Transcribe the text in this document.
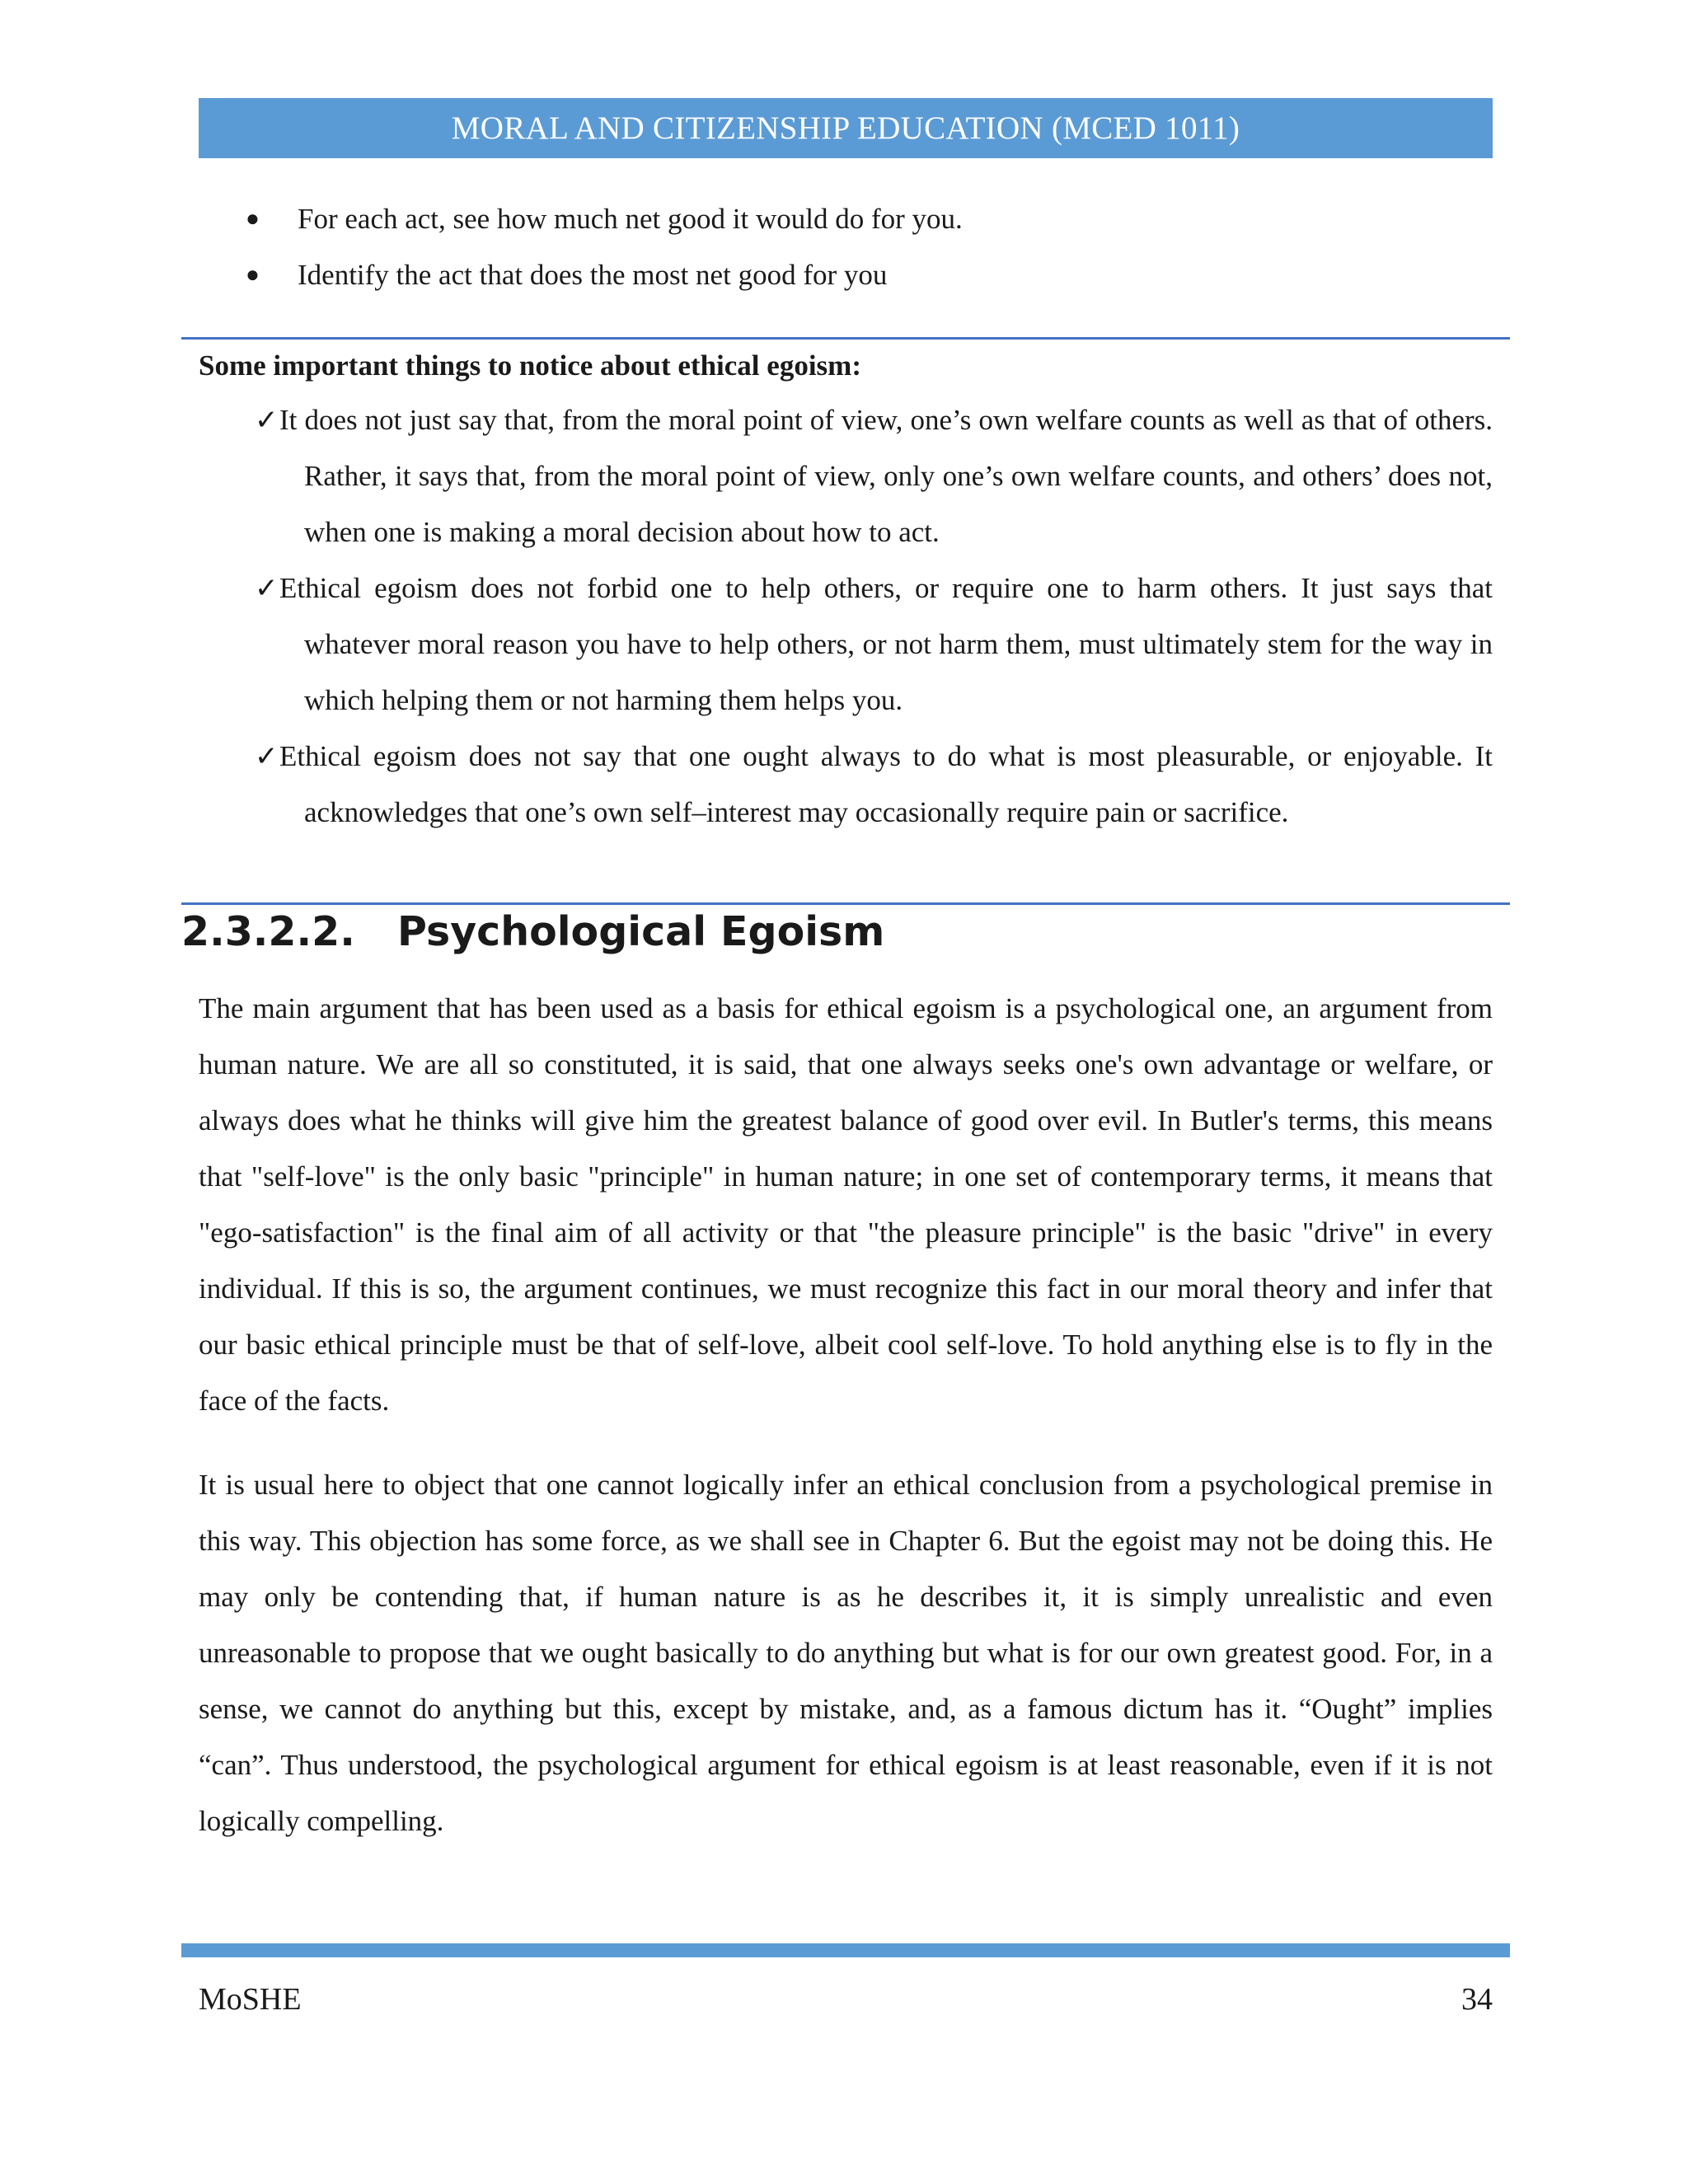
MORAL AND CITIZENSHIP EDUCATION (MCED 1011)
● For each act, see how much net good it would do for you.
● Identify the act that does the most net good for you
Some important things to notice about ethical egoism:
✓ It does not just say that, from the moral point of view, one’s own welfare counts as well as that of others. Rather, it says that, from the moral point of view, only one’s own welfare counts, and others’ does not, when one is making a moral decision about how to act.
✓ Ethical egoism does not forbid one to help others, or require one to harm others. It just says that whatever moral reason you have to help others, or not harm them, must ultimately stem for the way in which helping them or not harming them helps you.
✓ Ethical egoism does not say that one ought always to do what is most pleasurable, or enjoyable. It acknowledges that one’s own self–interest may occasionally require pain or sacrifice.
2.3.2.2. Psychological Egoism

The main argument that has been used as a basis for ethical egoism is a psychological one, an argument from human nature. We are all so constituted, it is said, that one always seeks one's own advantage or welfare, or always does what he thinks will give him the greatest balance of good over evil. In Butler's terms, this means that "self-love" is the only basic "principle" in human nature; in one set of contemporary terms, it means that "ego-satisfaction" is the final aim of all activity or that "the pleasure principle" is the basic "drive" in every individual. If this is so, the argument continues, we must recognize this fact in our moral theory and infer that our basic ethical principle must be that of self-love, albeit cool self-love. To hold anything else is to fly in the face of the facts.

It is usual here to object that one cannot logically infer an ethical conclusion from a psychological premise in this way. This objection has some force, as we shall see in Chapter 6. But the egoist may not be doing this. He may only be contending that, if human nature is as he describes it, it is simply unrealistic and even unreasonable to propose that we ought basically to do anything but what is for our own greatest good. For, in a sense, we cannot do anything but this, except by mistake, and, as a famous dictum has it. “Ought” implies “can”. Thus understood, the psychological argument for ethical egoism is at least reasonable, even if it is not logically compelling.

MoSHE	34
